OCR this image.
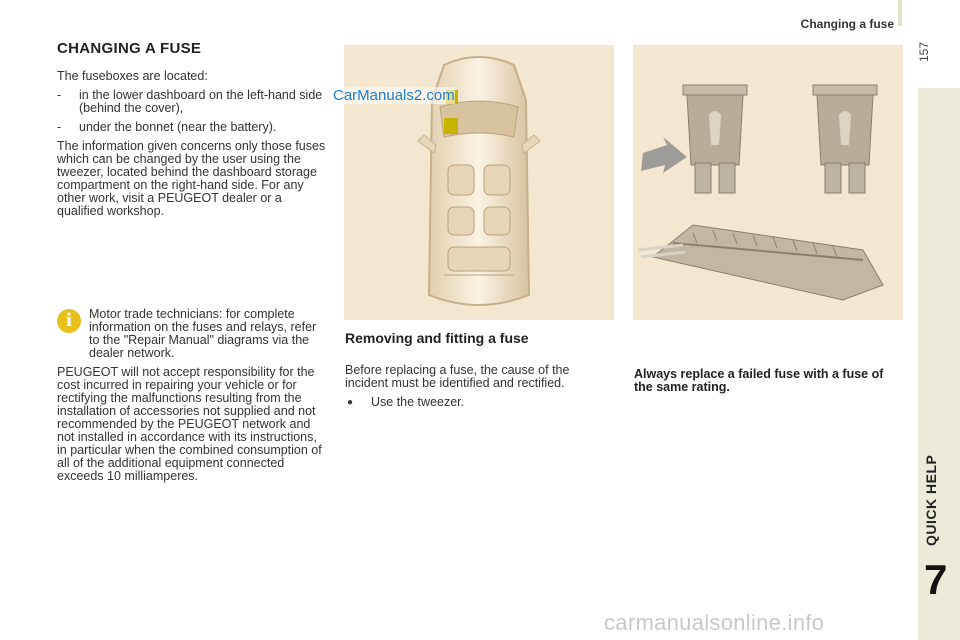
Changing a fuse
157
QUICK HELP
7
CHANGING A FUSE

The fuseboxes are located:

-	in the lower dashboard on the left-hand side (behind the cover),
-	under the bonnet (near the battery).

The information given concerns only those fuses which can be changed by the user using the tweezer, located behind the dashboard storage compartment on the right-hand side. For any other work, visit a PEUGEOT dealer or a qualified workshop.

i	Motor trade technicians: for complete information on the fuses and relays, refer to the "Repair Manual" diagrams via the dealer network.

PEUGEOT will not accept responsibility for the cost incurred in repairing your vehicle or for rectifying the malfunctions resulting from the installation of accessories not supplied and not recommended by the PEUGEOT network and not installed in accordance with its instructions, in particular when the combined consumption of all of the additional equipment connected exceeds 10 milliamperes.

CarManuals2.com
Removing and fitting a fuse

Before replacing a fuse, the cause of the incident must be identified and rectified.

●	Use the tweezer.

Always replace a failed fuse with a fuse of the same rating.

carmanualsonline.info
